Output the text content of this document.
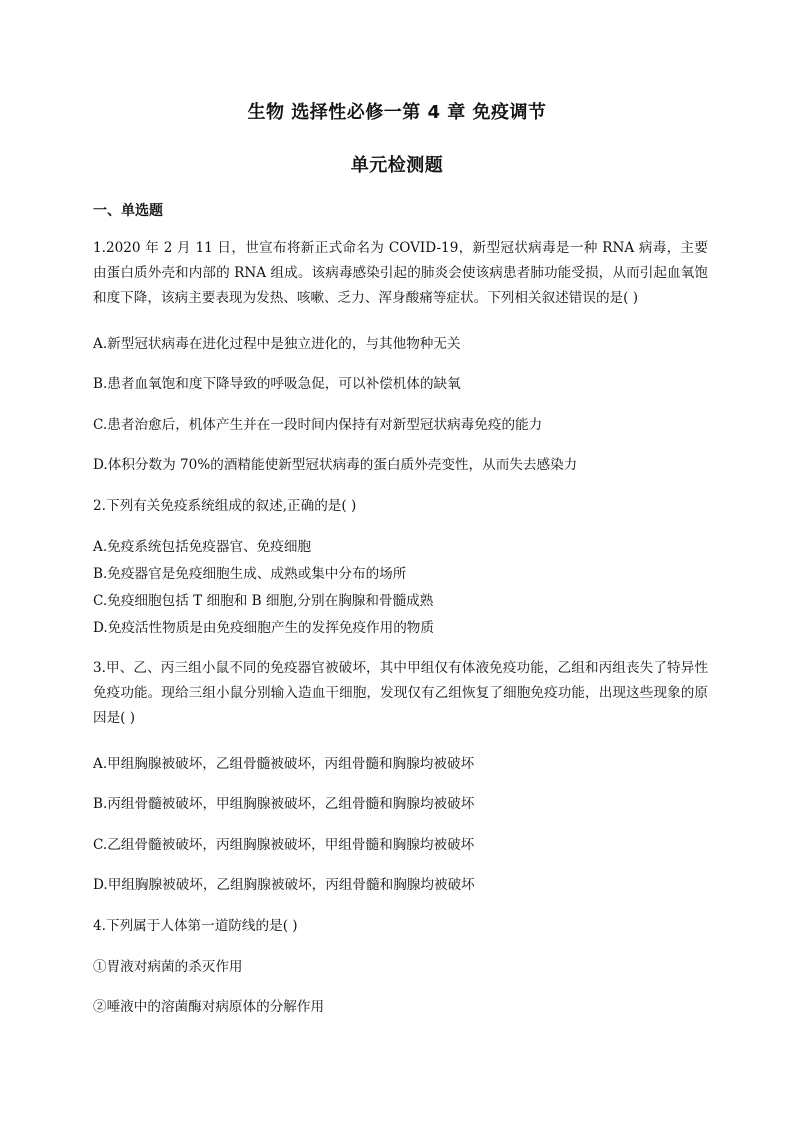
生物 选择性必修一第 4 章 免疫调节
单元检测题
一、单选题
1.2020 年 2 月 11 日，世宣布将新正式命名为 COVID-19，新型冠状病毒是一种 RNA 病毒，主要由蛋白质外壳和内部的 RNA 组成。该病毒感染引起的肺炎会使该病患者肺功能受损，从而引起血氧饱和度下降，该病主要表现为发热、咳嗽、乏力、浑身酸痛等症状。下列相关叙述错误的是( )
A.新型冠状病毒在进化过程中是独立进化的，与其他物种无关
B.患者血氧饱和度下降导致的呼吸急促，可以补偿机体的缺氧
C.患者治愈后，机体产生并在一段时间内保持有对新型冠状病毒免疫的能力
D.体积分数为 70%的酒精能使新型冠状病毒的蛋白质外壳变性，从而失去感染力
2.下列有关免疫系统组成的叙述,正确的是( )
A.免疫系统包括免疫器官、免疫细胞
B.免疫器官是免疫细胞生成、成熟或集中分布的场所
C.免疫细胞包括 T 细胞和 B 细胞,分别在胸腺和骨髓成熟
D.免疫活性物质是由免疫细胞产生的发挥免疫作用的物质
3.甲、乙、丙三组小鼠不同的免疫器官被破坏，其中甲组仅有体液免疫功能，乙组和丙组丧失了特异性免疫功能。现给三组小鼠分别输入造血干细胞，发现仅有乙组恢复了细胞免疫功能，出现这些现象的原因是( )
A.甲组胸腺被破坏，乙组骨髓被破坏，丙组骨髓和胸腺均被破坏
B.丙组骨髓被破坏，甲组胸腺被破坏，乙组骨髓和胸腺均被破坏
C.乙组骨髓被破坏，丙组胸腺被破坏，甲组骨髓和胸腺均被破坏
D.甲组胸腺被破坏，乙组胸腺被破坏，丙组骨髓和胸腺均被破坏
4.下列属于人体第一道防线的是( )
①胃液对病菌的杀灭作用
②唾液中的溶菌酶对病原体的分解作用
